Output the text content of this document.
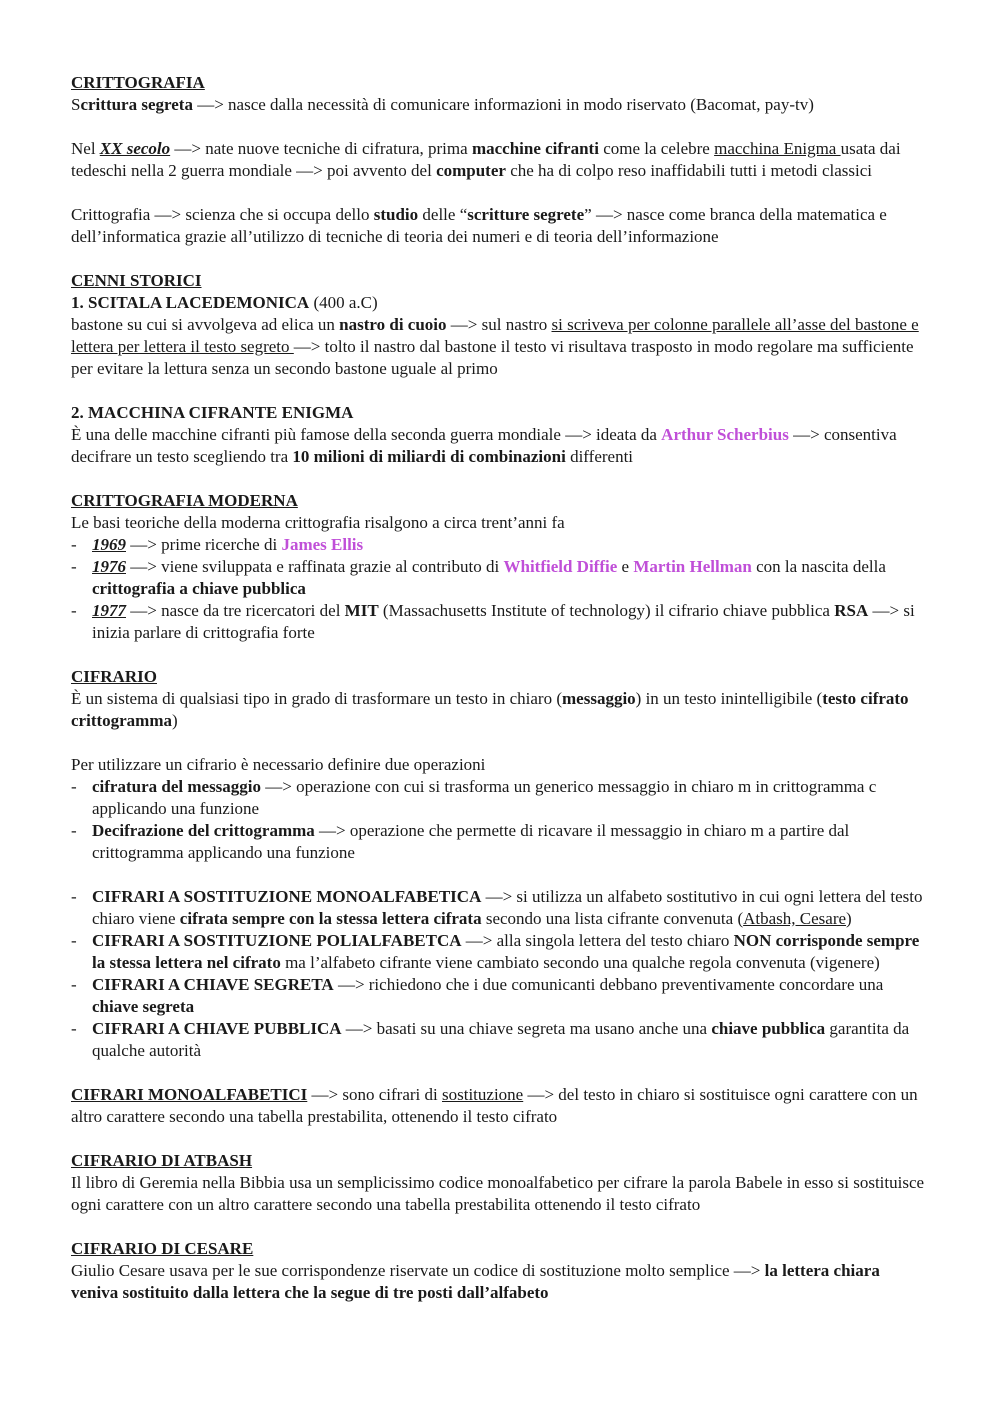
CRITTOGRAFIA

Scrittura segreta —> nasce dalla necessità di comunicare informazioni in modo riservato (Bacomat, pay-tv)

Nel XX secolo —> nate nuove tecniche di cifratura, prima macchine cifranti come la celebre macchina Enigma usata dai tedeschi nella 2 guerra mondiale —> poi avvento del computer che ha di colpo reso inaffidabili tutti i metodi classici

Crittografia —> scienza che si occupa dello studio delle “scritture segrete” —> nasce come branca della matematica e dell’informatica grazie all’utilizzo di tecniche di teoria dei numeri e di teoria dell’informazione

CENNI STORICI

1. SCITALA LACEDEMONICA (400 a.C)

bastone su cui si avvolgeva ad elica un nastro di cuoio —> sul nastro si scriveva per colonne parallele all’asse del bastone e lettera per lettera il testo segreto —> tolto il nastro dal bastone il testo vi risultava trasposto in modo regolare ma sufficiente per evitare la lettura senza un secondo bastone uguale al primo

2. MACCHINA CIFRANTE ENIGMA

È una delle macchine cifranti più famose della seconda guerra mondiale —> ideata da Arthur Scherbius —> consentiva decifrare un testo scegliendo tra 10 milioni di miliardi di combinazioni differenti

CRITTOGRAFIA MODERNA

Le basi teoriche della moderna crittografia risalgono a circa trent’anni fa

- 1969 —> prime ricerche di James Ellis
- 1976 —> viene sviluppata e raffinata grazie al contributo di Whitfield Diffie e Martin Hellman con la nascita della crittografia a chiave pubblica
- 1977 —> nasce da tre ricercatori del MIT (Massachusetts Institute of technology) il cifrario chiave pubblica RSA —> si inizia parlare di crittografia forte

CIFRARIO

È un sistema di qualsiasi tipo in grado di trasformare un testo in chiaro (messaggio) in un testo inintelligibile (testo cifrato crittogramma)

Per utilizzare un cifrario è necessario definire due operazioni

- cifratura del messaggio —> operazione con cui si trasforma un generico messaggio in chiaro m in crittogramma c applicando una funzione
- Decifrazione del crittogramma —> operazione che permette di ricavare il messaggio in chiaro m a partire dal crittogramma applicando una funzione
- CIFRARI A SOSTITUZIONE MONOALFABETICA —> si utilizza un alfabeto sostitutivo in cui ogni lettera del testo chiaro viene cifrata sempre con la stessa lettera cifrata secondo una lista cifrante convenuta (Atbash, Cesare)
- CIFRARI A SOSTITUZIONE POLIALFABETCA —> alla singola lettera del testo chiaro NON corrisponde sempre la stessa lettera nel cifrato ma l’alfabeto cifrante viene cambiato secondo una qualche regola convenuta (vigenere)
- CIFRARI A CHIAVE SEGRETA —> richiedono che i due comunicanti debbano preventivamente concordare una chiave segreta
- CIFRARI A CHIAVE PUBBLICA —> basati su una chiave segreta ma usano anche una chiave pubblica garantita da qualche autorità

CIFRARI MONOALFABETICI —> sono cifrari di sostituzione —> del testo in chiaro si sostituisce ogni carattere con un altro carattere secondo una tabella prestabilita, ottenendo il testo cifrato

CIFRARIO DI ATBASH

Il libro di Geremia nella Bibbia usa un semplicissimo codice monoalfabetico per cifrare la parola Babele in esso si sostituisce ogni carattere con un altro carattere secondo una tabella prestabilita ottenendo il testo cifrato

CIFRARIO DI CESARE

Giulio Cesare usava per le sue corrispondenze riservate un codice di sostituzione molto semplice —> la lettera chiara veniva sostituito dalla lettera che la segue di tre posti dall’alfabeto
